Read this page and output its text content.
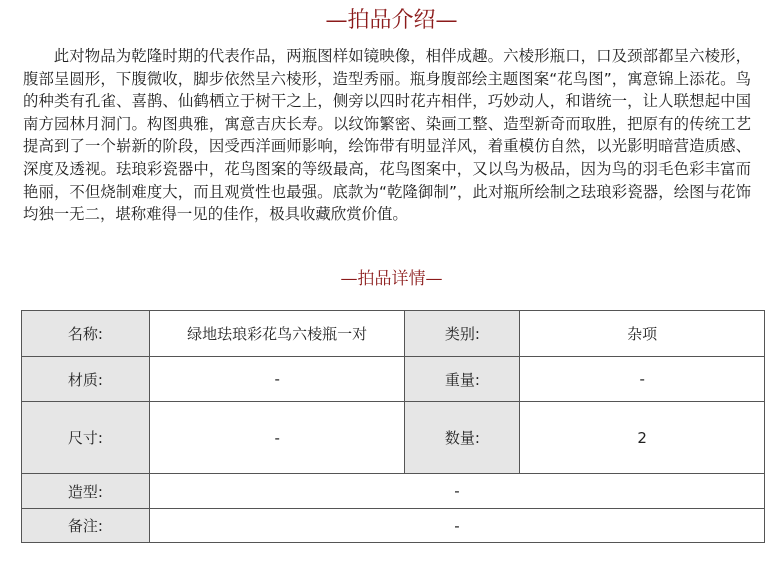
—拍品介绍—

此对物品为乾隆时期的代表作品，两瓶图样如镜映像，相伴成趣。六棱形瓶口，口及颈部都呈六棱形，腹部呈圆形，下腹微收，脚步依然呈六棱形，造型秀丽。瓶身腹部绘主题图案“花鸟图”，寓意锦上添花。鸟的种类有孔雀、喜鹊、仙鹤栖立于树干之上，侧旁以四时花卉相伴，巧妙动人，和谐统一，让人联想起中国南方园林月洞门。构图典雅，寓意吉庆长寿。以纹饰繁密、染画工整、造型新奇而取胜，把原有的传统工艺提高到了一个崭新的阶段，因受西洋画师影响，绘饰带有明显洋风，着重模仿自然，以光影明暗营造质感、深度及透视。珐琅彩瓷器中，花鸟图案的等级最高，花鸟图案中，又以鸟为极品，因为鸟的羽毛色彩丰富而艳丽，不但烧制难度大，而且观赏性也最强。底款为“乾隆御制”，此对瓶所绘制之珐琅彩瓷器，绘图与花饰均独一无二，堪称难得一见的佳作，极具收藏欣赏价值。

—拍品详情—
名称:	绿地珐琅彩花鸟六棱瓶一对	类别:	杂项
材质:	-	重量:	-
尺寸:	-	数量:	2
造型:	-		
备注:	-		
